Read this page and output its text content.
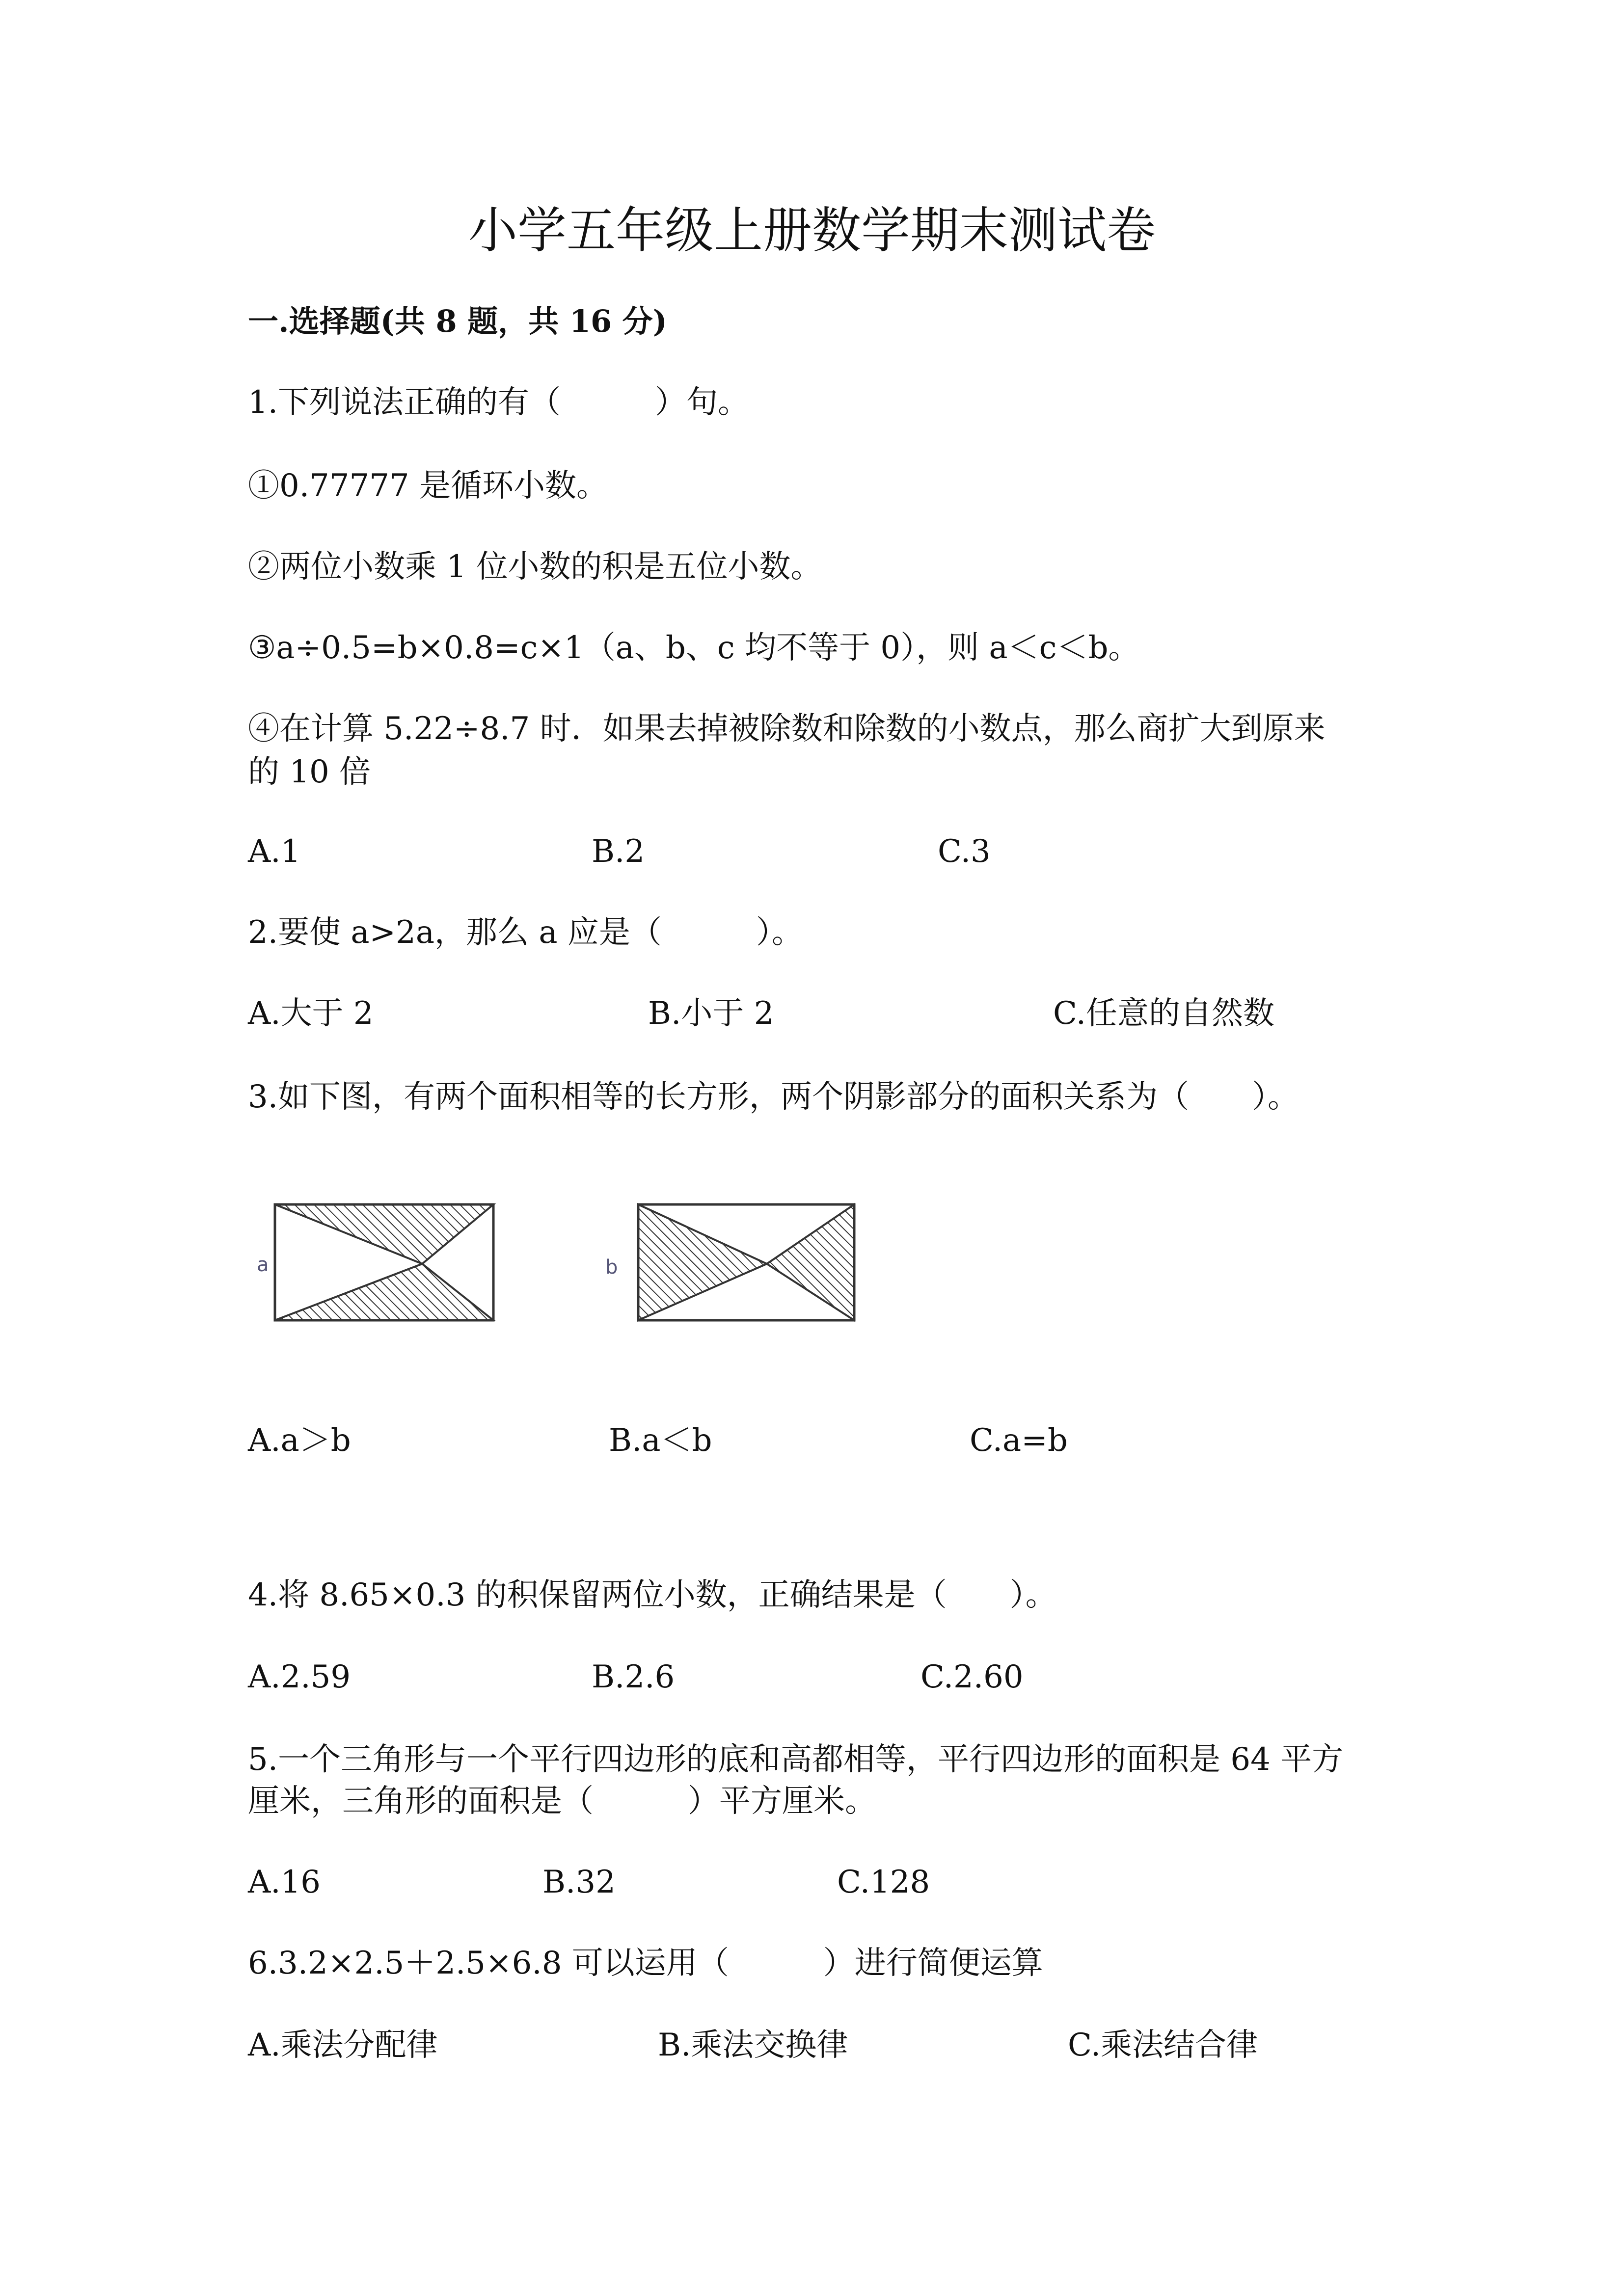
小学五年级上册数学期末测试卷
一.选择题(共 8 题，共 16 分)
1.下列说法正确的有（　　　）句。
①0.77777 是循环小数。
②两位小数乘 1 位小数的积是五位小数。
③a÷0.5=b×0.8=c×1（a、b、c 均不等于 0），则 a＜c＜b。
④在计算 5.22÷8.7 时．如果去掉被除数和除数的小数点，那么商扩大到原来
的 10 倍
A.1	B.2	C.3
2.要使 a>2a，那么 a 应是（　　　）。
A.大于 2	B.小于 2	C.任意的自然数
3.如下图，有两个面积相等的长方形，两个阴影部分的面积关系为（　　）。
a	b
A.a＞b	B.a＜b	C.a=b
4.将 8.65×0.3 的积保留两位小数，正确结果是（　　）。
A.2.59	B.2.6	C.2.60
5.一个三角形与一个平行四边形的底和高都相等，平行四边形的面积是 64 平方
厘米，三角形的面积是（　　　）平方厘米。
A.16	B.32	C.128
6.3.2×2.5＋2.5×6.8 可以运用（　　　）进行简便运算
A.乘法分配律	B.乘法交换律	C.乘法结合律
